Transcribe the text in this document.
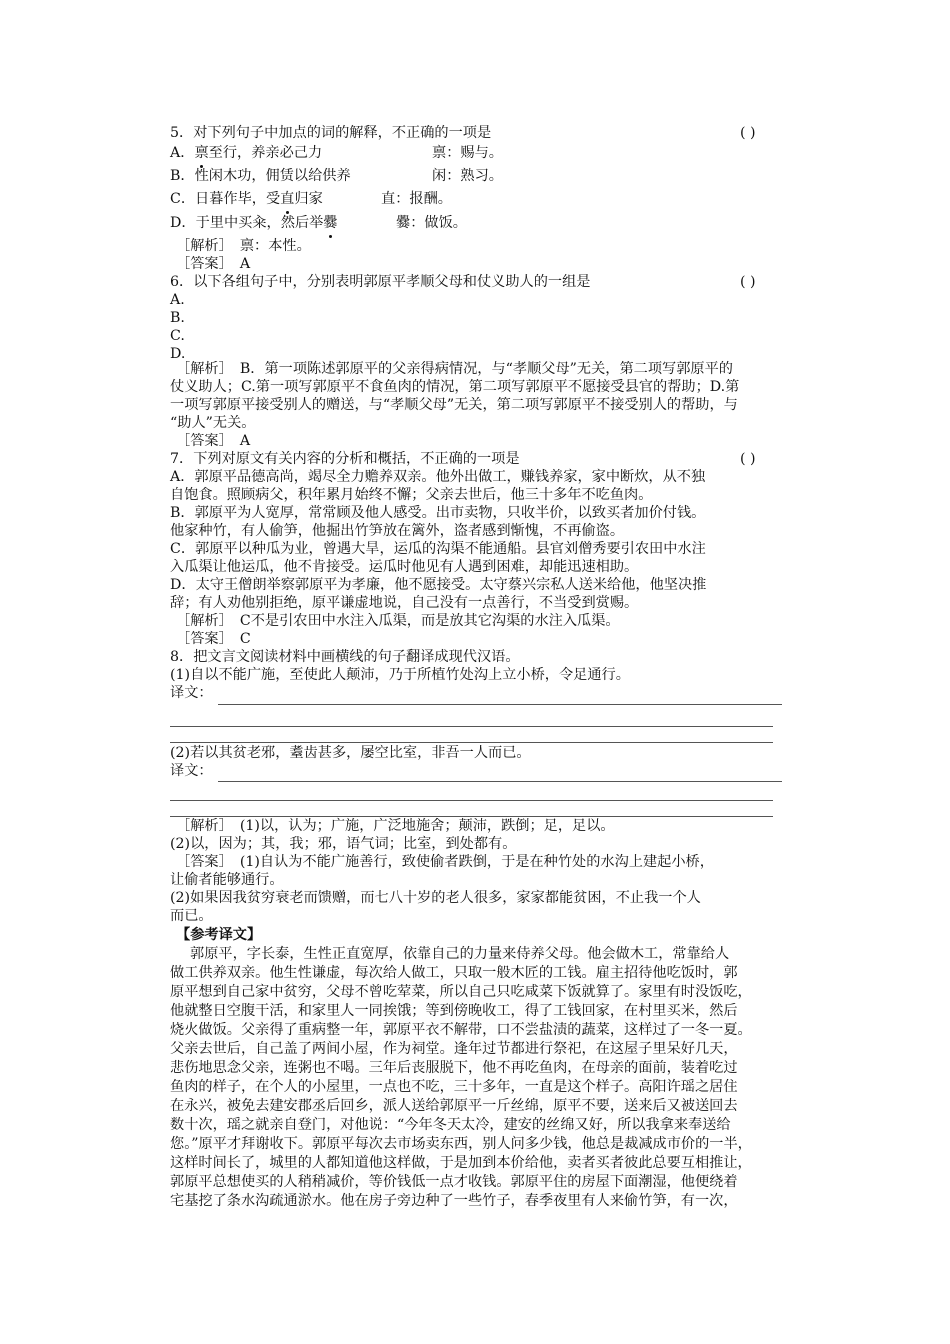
5．对下列句子中加点的词的解释，不正确的一项是	( )
A．禀至行，养亲必己力	禀：赐与。
B．性闲木功，佣赁以给供养	闲：熟习。
C．日暮作毕，受直归家	直：报酬。
D．于里中买籴，然后举爨	爨：做饭。
［解析］　禀：本性。
［答案］　A
6．以下各组句子中，分别表明郭原平孝顺父母和仗义助人的一组是	( )
A.
B.
C.
D.
［解析］　B．第一项陈述郭原平的父亲得病情况，与“孝顺父母”无关，第二项写郭原平的
仗义助人；C.第一项写郭原平不食鱼肉的情况，第二项写郭原平不愿接受县官的帮助；D.第
一项写郭原平接受别人的赠送，与“孝顺父母”无关，第二项写郭原平不接受别人的帮助，与
“助人”无关。
［答案］　A
7．下列对原文有关内容的分析和概括，不正确的一项是	( )
A．郭原平品德高尚，竭尽全力赡养双亲。他外出做工，赚钱养家，家中断炊，从不独
自饱食。照顾病父，积年累月始终不懈；父亲去世后，他三十多年不吃鱼肉。
B．郭原平为人宽厚，常常顾及他人感受。出市卖物，只收半价，以致买者加价付钱。
他家种竹，有人偷笋，他掘出竹笋放在篱外，盗者感到惭愧，不再偷盗。
C．郭原平以种瓜为业，曾遇大旱，运瓜的沟渠不能通船。县官刘僧秀要引农田中水注
入瓜渠让他运瓜，他不肯接受。运瓜时他见有人遇到困难，却能迅速相助。
D．太守王僧朗举察郭原平为孝廉，他不愿接受。太守蔡兴宗私人送米给他，他坚决推
辞；有人劝他别拒绝，原平谦虚地说，自己没有一点善行，不当受到赏赐。
［解析］　C不是引农田中水注入瓜渠，而是放其它沟渠的水注入瓜渠。
［答案］　C
8．把文言文阅读材料中画横线的句子翻译成现代汉语。
(1)自以不能广施，至使此人颠沛，乃于所植竹处沟上立小桥，令足通行。
译文：
(2)若以其贫老邪，耋齿甚多，屡空比室，非吾一人而已。
译文：
［解析］　(1)以，认为；广施，广泛地施舍；颠沛，跌倒；足，足以。
(2)以，因为；其，我；邪，语气词；比室，到处都有。
［答案］　(1)自认为不能广施善行，致使偷者跌倒，于是在种竹处的水沟上建起小桥，
让偷者能够通行。
(2)如果因我贫穷衰老而馈赠，而七八十岁的老人很多，家家都能贫困，不止我一个人
而已。
【参考译文】
郭原平，字长泰，生性正直宽厚，依靠自己的力量来侍养父母。他会做木工，常靠给人
做工供养双亲。他生性谦虚，每次给人做工，只取一般木匠的工钱。雇主招待他吃饭时，郭
原平想到自己家中贫穷，父母不曾吃荤菜，所以自己只吃咸菜下饭就算了。家里有时没饭吃，
他就整日空腹干活，和家里人一同挨饿；等到傍晚收工，得了工钱回家，在村里买米，然后
烧火做饭。父亲得了重病整一年，郭原平衣不解带，口不尝盐渍的蔬菜，这样过了一冬一夏。
父亲去世后，自己盖了两间小屋，作为祠堂。逢年过节都进行祭祀，在这屋子里呆好几天，
悲伤地思念父亲，连粥也不喝。三年后丧服脱下，他不再吃鱼肉，在母亲的面前，装着吃过
鱼肉的样子，在个人的小屋里，一点也不吃，三十多年，一直是这个样子。高阳许瑶之居住
在永兴，被免去建安郡丞后回乡，派人送给郭原平一斤丝绵，原平不要，送来后又被送回去
数十次，瑶之就亲自登门，对他说：“今年冬天太冷，建安的丝绵又好，所以我拿来奉送给
您。”原平才拜谢收下。郭原平每次去市场卖东西，别人问多少钱，他总是裁减成市价的一半，
这样时间长了，城里的人都知道他这样做，于是加到本价给他，卖者买者彼此总要互相推让，
郭原平总想使买的人稍稍减价，等价钱低一点才收钱。郭原平住的房屋下面潮湿，他便绕着
宅基挖了条水沟疏通淤水。他在房子旁边种了一些竹子，春季夜里有人来偷竹笋，有一次，
